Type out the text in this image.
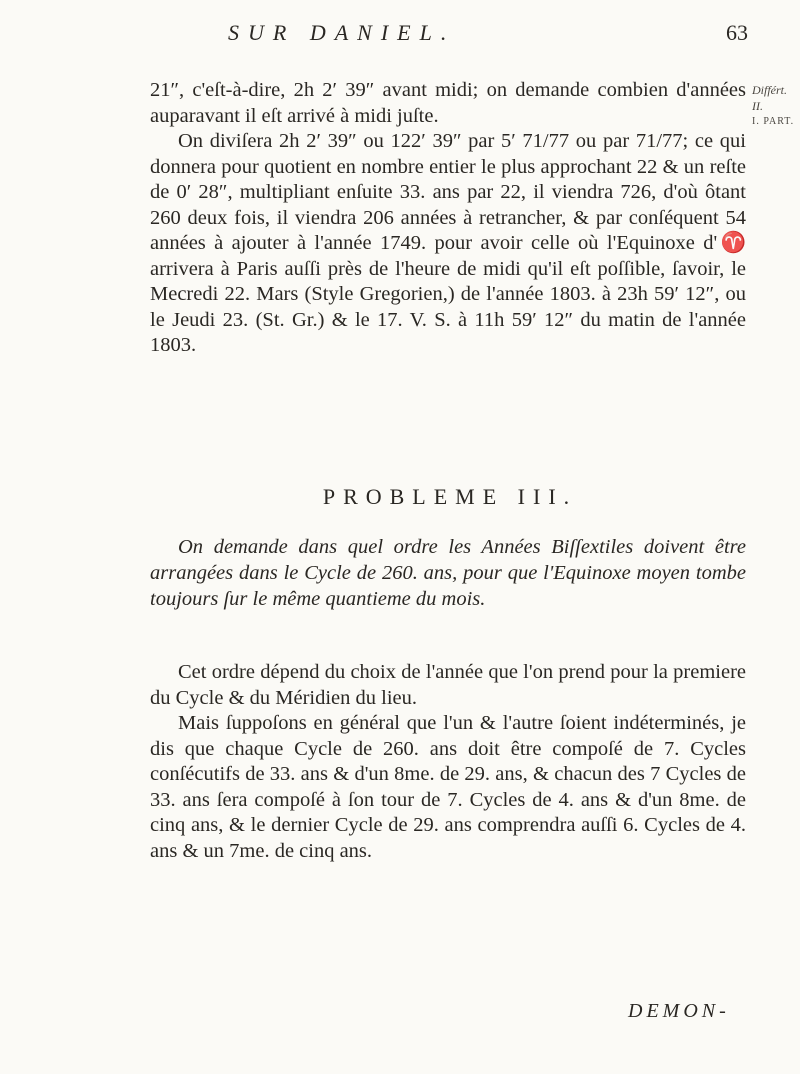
SUR DANIEL.	63
Différt. II.
I. PART.

21″, c'eſt-à-dire, 2h 2′ 39″ avant midi; on demande combien d'années auparavant il eſt arrivé à midi juſte.

On diviſera 2h 2′ 39″ ou 122′ 39″ par 5′ 71/77 ou par 71/77; ce qui donnera pour quotient en nombre entier le plus approchant 22 & un reſte de 0′ 28″, multipliant enſuite 33. ans par 22, il viendra 726, d'où ôtant 260 deux fois, il viendra 206 années à retrancher, & par conſéquent 54 années à ajouter à l'année 1749. pour avoir celle où l'Equinoxe d'♈ arrivera à Paris auſſi près de l'heure de midi qu'il eſt poſſible, ſavoir, le Mecredi 22. Mars (Style Gregorien,) de l'année 1803. à 23h 59′ 12″, ou le Jeudi 23. (St. Gr.) & le 17. V. S. à 11h 59′ 12″ du matin de l'année 1803.

PROBLEME III.
On demande dans quel ordre les Années Biſſextiles doivent être arrangées dans le Cycle de 260. ans, pour que l'Equinoxe moyen tombe toujours ſur le même quantieme du mois.

Cet ordre dépend du choix de l'année que l'on prend pour la premiere du Cycle & du Méridien du lieu.

Mais ſuppoſons en général que l'un & l'autre ſoient indéterminés, je dis que chaque Cycle de 260. ans doit être compoſé de 7. Cycles conſécutifs de 33. ans & d'un 8me. de 29. ans, & chacun des 7 Cycles de 33. ans ſera compoſé à ſon tour de 7. Cycles de 4. ans & d'un 8me. de cinq ans, & le dernier Cycle de 29. ans comprendra auſſi 6. Cycles de 4. ans & un 7me. de cinq ans.

DEMON-
